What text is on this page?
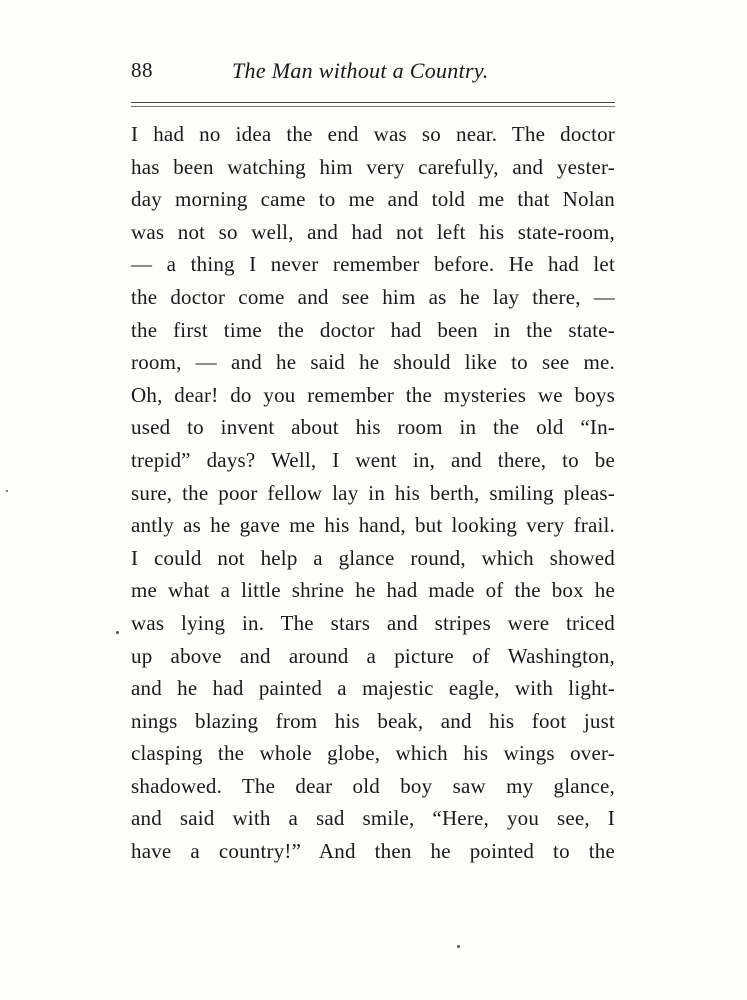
88	The Man without a Country.
I had no idea the end was so near. The doctor
has been watching him very carefully, and yester-
day morning came to me and told me that Nolan
was not so well, and had not left his state-room,
— a thing I never remember before. He had let
the doctor come and see him as he lay there, —
the first time the doctor had been in the state-
room, — and he said he should like to see me.
Oh, dear! do you remember the mysteries we boys
used to invent about his room in the old “In-
trepid” days? Well, I went in, and there, to be
sure, the poor fellow lay in his berth, smiling pleas-
antly as he gave me his hand, but looking very frail.
I could not help a glance round, which showed
me what a little shrine he had made of the box he
was lying in. The stars and stripes were triced
up above and around a picture of Washington,
and he had painted a majestic eagle, with light-
nings blazing from his beak, and his foot just
clasping the whole globe, which his wings over-
shadowed. The dear old boy saw my glance,
and said with a sad smile, “Here, you see, I
have a country!” And then he pointed to the
